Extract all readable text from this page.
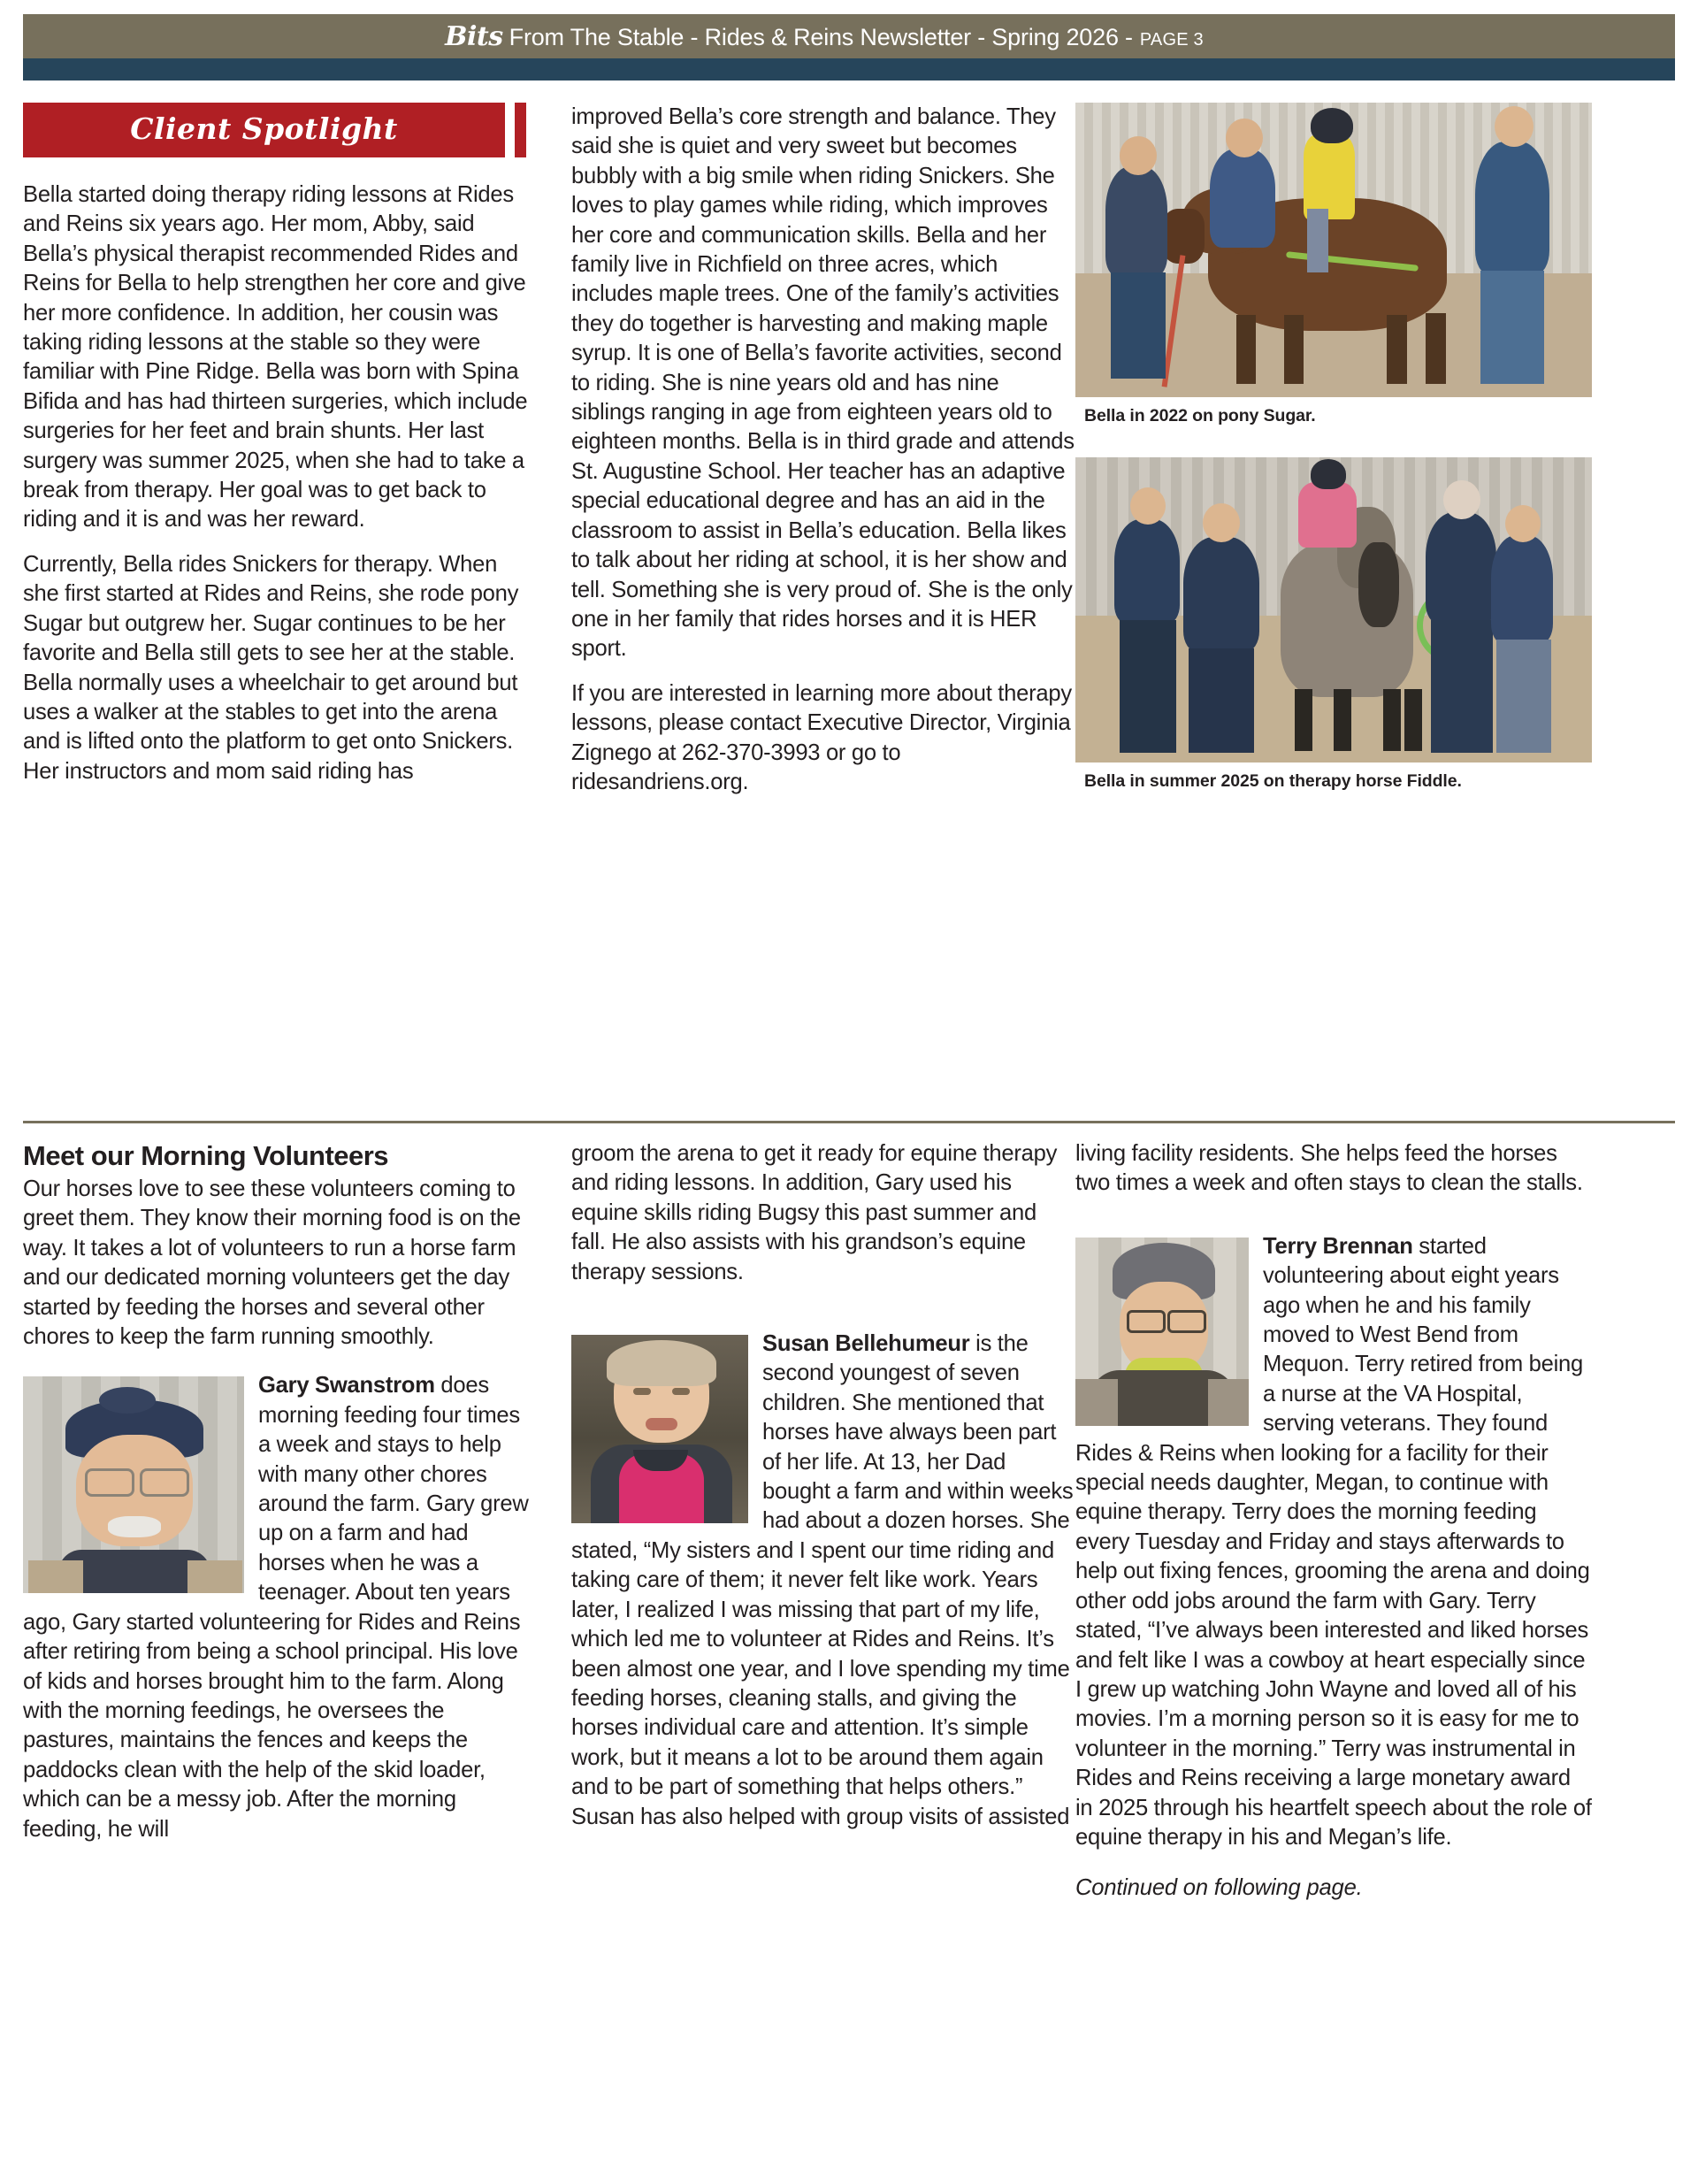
Bits From The Stable - Rides & Reins Newsletter - Spring 2026 - PAGE 3
Client Spotlight

Bella started doing therapy riding lessons at Rides and Reins six years ago. Her mom, Abby, said Bella’s physical therapist recommended Rides and Reins for Bella to help strengthen her core and give her more confidence. In addition, her cousin was taking riding lessons at the stable so they were familiar with Pine Ridge. Bella was born with Spina Bifida and has had thirteen surgeries, which include surgeries for her feet and brain shunts. Her last surgery was summer 2025, when she had to take a break from therapy. Her goal was to get back to riding and it is and was her reward.

Currently, Bella rides Snickers for therapy. When she first started at Rides and Reins, she rode pony Sugar but outgrew her. Sugar continues to be her favorite and Bella still gets to see her at the stable. Bella normally uses a wheelchair to get around but uses a walker at the stables to get into the arena and is lifted onto the platform to get onto Snickers. Her instructors and mom said riding has

improved Bella’s core strength and balance. They said she is quiet and very sweet but becomes bubbly with a big smile when riding Snickers. She loves to play games while riding, which improves her core and communication skills. Bella and her family live in Richfield on three acres, which includes maple trees. One of the family’s activities they do together is harvesting and making maple syrup. It is one of Bella’s favorite activities, second to riding. She is nine years old and has nine siblings ranging in age from eighteen years old to eighteen months. Bella is in third grade and attends St. Augustine School. Her teacher has an adaptive special educational degree and has an aid in the classroom to assist in Bella’s education. Bella likes to talk about her riding at school, it is her show and tell. Something she is very proud of. She is the only one in her family that rides horses and it is HER sport.

If you are interested in learning more about therapy lessons, please contact Executive Director, Virginia Zignego at 262-370-3993 or go to ridesandriens.org.

Bella in 2022 on pony Sugar.
Bella in summer 2025 on therapy horse Fiddle.
Meet our Morning Volunteers

Our horses love to see these volunteers coming to greet them. They know their morning food is on the way. It takes a lot of volunteers to run a horse farm and our dedicated morning volunteers get the day started by feeding the horses and several other chores to keep the farm running smoothly.

Gary Swanstrom does morning feeding four times a week and stays to help with many other chores around the farm. Gary grew up on a farm and had horses when he was a teenager. About ten years ago, Gary started volunteering for Rides and Reins after retiring from being a school principal. His love of kids and horses brought him to the farm. Along with the morning feedings, he oversees the pastures, maintains the fences and keeps the paddocks clean with the help of the skid loader, which can be a messy job. After the morning feeding, he will

groom the arena to get it ready for equine therapy and riding lessons. In addition, Gary used his equine skills riding Bugsy this past summer and fall. He also assists with his grandson’s equine therapy sessions.

Susan Bellehumeur is the second youngest of seven children. She mentioned that horses have always been part of her life. At 13, her Dad bought a farm and within weeks had about a dozen horses. She stated, “My sisters and I spent our time riding and taking care of them; it never felt like work. Years later, I realized I was missing that part of my life, which led me to volunteer at Rides and Reins. It’s been almost one year, and I love spending my time feeding horses, cleaning stalls, and giving the horses individual care and attention. It’s simple work, but it means a lot to be around them again and to be part of something that helps others.” Susan has also helped with group visits of assisted

living facility residents. She helps feed the horses two times a week and often stays to clean the stalls.

Terry Brennan started volunteering about eight years ago when he and his family moved to West Bend from Mequon. Terry retired from being a nurse at the VA Hospital, serving veterans. They found Rides & Reins when looking for a facility for their special needs daughter, Megan, to continue with equine therapy. Terry does the morning feeding every Tuesday and Friday and stays afterwards to help out fixing fences, grooming the arena and doing other odd jobs around the farm with Gary. Terry stated, “I’ve always been interested and liked horses and felt like I was a cowboy at heart especially since I grew up watching John Wayne and loved all of his movies. I’m a morning person so it is easy for me to volunteer in the morning.” Terry was instrumental in Rides and Reins receiving a large monetary award in 2025 through his heartfelt speech about the role of equine therapy in his and Megan’s life.

Continued on following page.
